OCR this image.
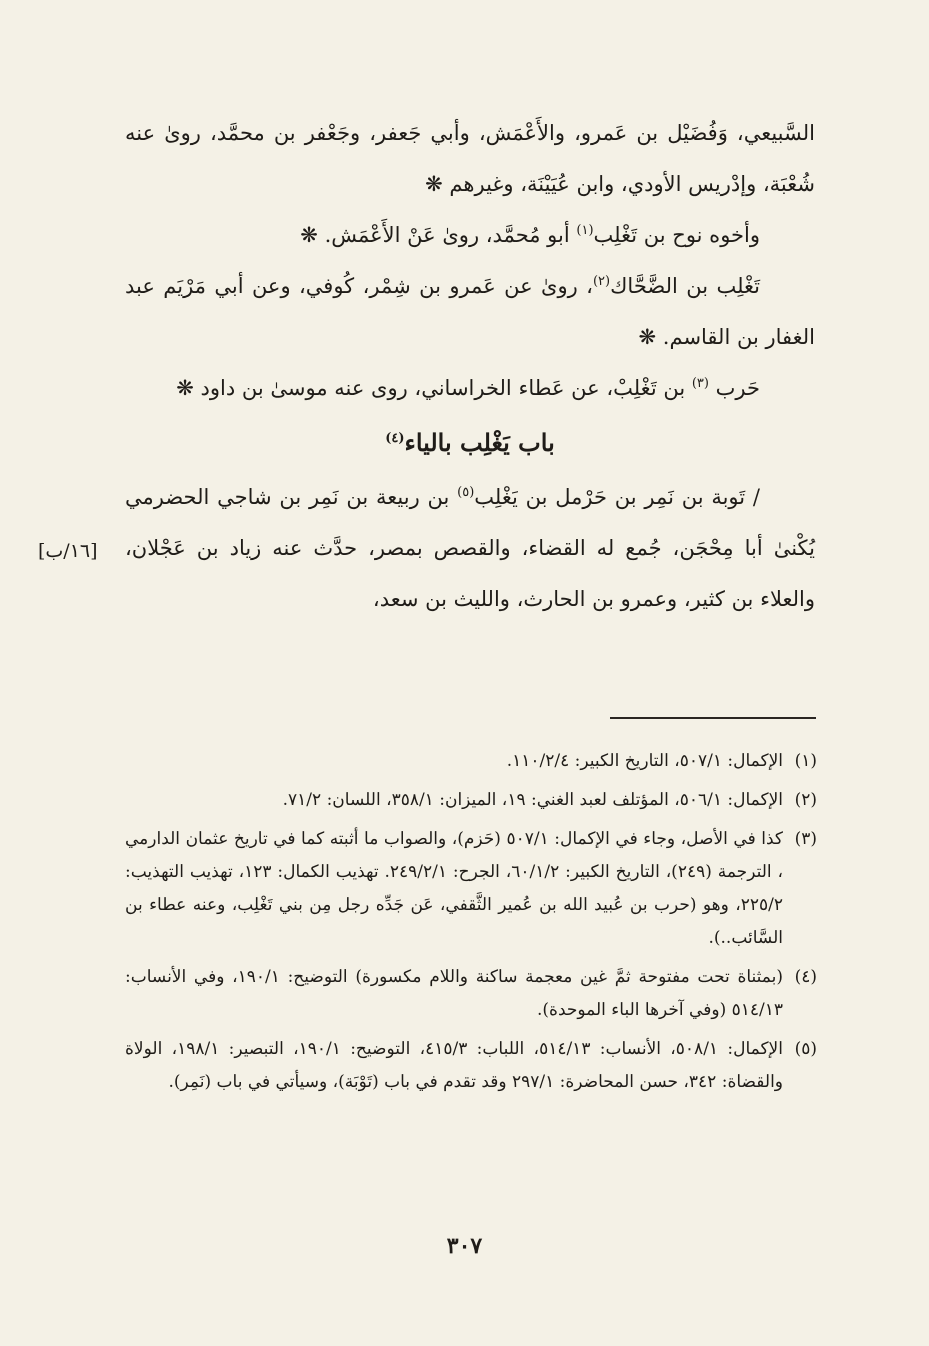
السَّبيعي، وَفُضَيْل بن عَمرو، والأَعْمَش، وأبي جَعفر، وجَعْفر بن محمَّد، روىٰ عنه شُعْبَة، وإدْريس الأودي، وابن عُيَيْنَة، وغيرهم ❋

وأخوه نوح بن تَغْلِب$^{(١)}$ أبو مُحمَّد، روىٰ عَنْ الأَعْمَش. ❋

تَغْلِب بن الضَّحَّاك$^{(٢)}$، روىٰ عن عَمرو بن شِمْر، كُوفي، وعن أبي مَرْيَم عبد الغفار بن القاسم. ❋

حَرب $^{(٣)}$ بن تَغْلِبْ، عن عَطاء الخراساني، روى عنه موسىٰ بن داود ❋

باب يَغْلِب بالياء$^{(٤)}$

/ تَوبة بن نَمِر بن حَرْمل بن يَغْلِب$^{(٥)}$ بن ربيعة بن نَمِر بن شاجي الحضرمي يُكْنىٰ أبا مِحْجَن، جُمع له القضاء، والقصص بمصر، حدَّث عنه زياد بن عَجْلان، والعلاء بن كثير، وعمرو بن الحارث، والليث بن سعد،

[١٦/ب]

(١)
الإكمال: ٥٠٧/١، التاريخ الكبير: ١١٠/٢/٤.

(٢)
الإكمال: ٥٠٦/١، المؤتلف لعبد الغني: ١٩، الميزان: ٣٥٨/١، اللسان: ٧١/٢.

(٣)
كذا في الأصل، وجاء في الإكمال: ٥٠٧/١ (حَزم)، والصواب ما أثبته كما في تاريخ عثمان الدارمي ، الترجمة (٢٤٩)، التاريخ الكبير: ٦٠/١/٢، الجرح: ٢٤٩/٢/١. تهذيب الكمال: ١٢٣، تهذيب التهذيب: ٢٢٥/٢، وهو (حرب بن عُبيد الله بن عُمير الثَّقفي، عَن جَدِّه رجل مِن بني تَغْلِب، وعنه عطاء بن السَّائب..).

(٤)
(بمثناة تحت مفتوحة ثمَّ غين معجمة ساكنة واللام مكسورة) التوضيح: ١٩٠/١، وفي الأنساب: ٥١٤/١٣ (وفي آخرها الباء الموحدة).

(٥)
الإكمال: ٥٠٨/١، الأنساب: ٥١٤/١٣، اللباب: ٤١٥/٣، التوضيح: ١٩٠/١، التبصير: ١٩٨/١، الولاة والقضاة: ٣٤٢، حسن المحاضرة: ٢٩٧/١ وقد تقدم في باب (تَوْبَة)، وسيأتي في باب (نَمِر).

٣٠٧
